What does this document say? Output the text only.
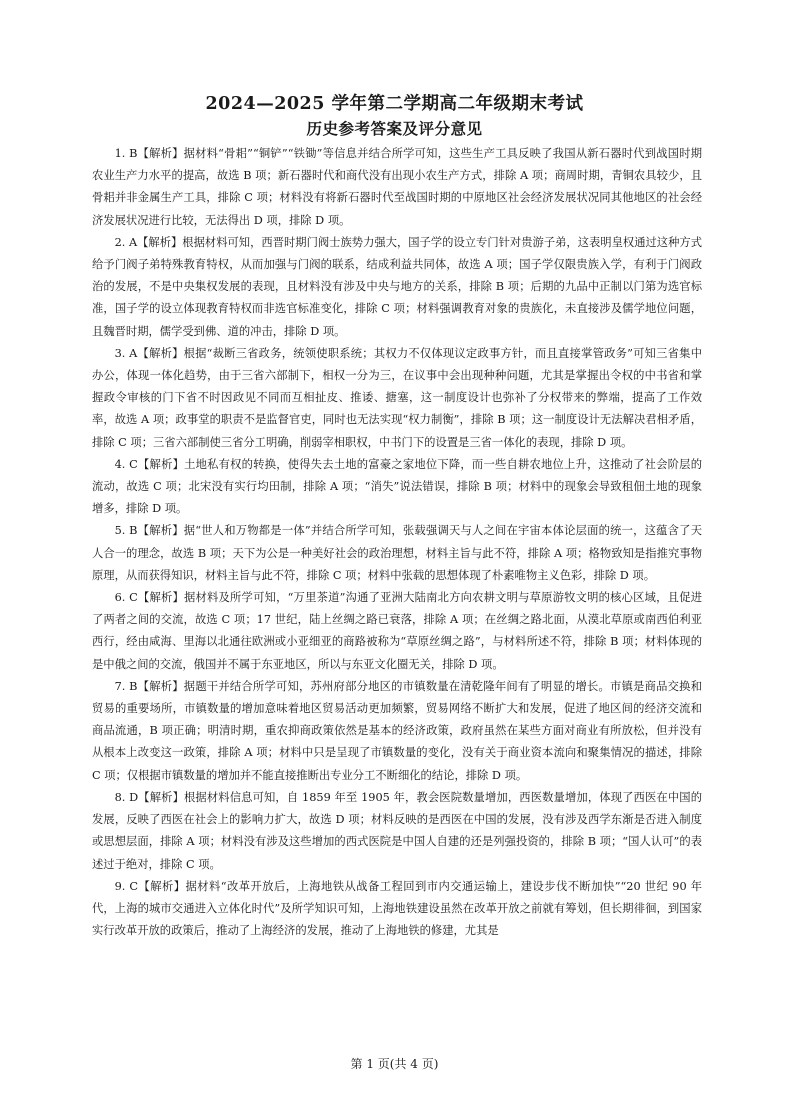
2024—2025 学年第二学期高二年级期末考试
历史参考答案及评分意见

1. B【解析】据材料“骨耜”“铜铲”“铁锄”等信息并结合所学可知，这些生产工具反映了我国从新石器时代到战国时期农业生产力水平的提高，故选 B 项；新石器时代和商代没有出现小农生产方式，排除 A 项；商周时期，青铜农具较少，且骨耜并非金属生产工具，排除 C 项；材料没有将新石器时代至战国时期的中原地区社会经济发展状况同其他地区的社会经济发展状况进行比较，无法得出 D 项，排除 D 项。

2. A【解析】根据材料可知，西晋时期门阀士族势力强大，国子学的设立专门针对贵游子弟，这表明皇权通过这种方式给予门阀子弟特殊教育特权，从而加强与门阀的联系，结成利益共同体，故选 A 项；国子学仅限贵族入学，有利于门阀政治的发展，不是中央集权发展的表现，且材料没有涉及中央与地方的关系，排除 B 项；后期的九品中正制以门第为选官标准，国子学的设立体现教育特权而非选官标准变化，排除 C 项；材料强调教育对象的贵族化，未直接涉及儒学地位问题，且魏晋时期，儒学受到佛、道的冲击，排除 D 项。

3. A【解析】根据“裁断三省政务，统领使职系统；其权力不仅体现议定政事方针，而且直接掌管政务”可知三省集中办公，体现一体化趋势，由于三省六部制下，相权一分为三，在议事中会出现种种问题，尤其是掌握出令权的中书省和掌握政令审核的门下省不时因政见不同而互相扯皮、推诿、搪塞，这一制度设计也弥补了分权带来的弊端，提高了工作效率，故选 A 项；政事堂的职责不是监督官吏，同时也无法实现“权力制衡”，排除 B 项；这一制度设计无法解决君相矛盾，排除 C 项；三省六部制使三省分工明确，削弱宰相职权，中书门下的设置是三省一体化的表现，排除 D 项。

4. C【解析】土地私有权的转换，使得失去土地的富豪之家地位下降，而一些自耕农地位上升，这推动了社会阶层的流动，故选 C 项；北宋没有实行均田制，排除 A 项；“消失”说法错误，排除 B 项；材料中的现象会导致租佃土地的现象增多，排除 D 项。

5. B【解析】据“世人和万物都是一体”并结合所学可知，张载强调天与人之间在宇宙本体论层面的统一，这蕴含了天人合一的理念，故选 B 项；天下为公是一种美好社会的政治理想，材料主旨与此不符，排除 A 项；格物致知是指推究事物原理，从而获得知识，材料主旨与此不符，排除 C 项；材料中张载的思想体现了朴素唯物主义色彩，排除 D 项。

6. C【解析】据材料及所学可知，“万里茶道”沟通了亚洲大陆南北方向农耕文明与草原游牧文明的核心区域，且促进了两者之间的交流，故选 C 项；17 世纪，陆上丝绸之路已衰落，排除 A 项；在丝绸之路北面，从漠北草原或南西伯利亚西行，经由咸海、里海以北通往欧洲或小亚细亚的商路被称为“草原丝绸之路”，与材料所述不符，排除 B 项；材料体现的是中俄之间的交流，俄国并不属于东亚地区，所以与东亚文化圈无关，排除 D 项。

7. B【解析】据题干并结合所学可知，苏州府部分地区的市镇数量在清乾隆年间有了明显的增长。市镇是商品交换和贸易的重要场所，市镇数量的增加意味着地区贸易活动更加频繁，贸易网络不断扩大和发展，促进了地区间的经济交流和商品流通，B 项正确；明清时期，重农抑商政策依然是基本的经济政策，政府虽然在某些方面对商业有所放松，但并没有从根本上改变这一政策，排除 A 项；材料中只是呈现了市镇数量的变化，没有关于商业资本流向和聚集情况的描述，排除 C 项；仅根据市镇数量的增加并不能直接推断出专业分工不断细化的结论，排除 D 项。

8. D【解析】根据材料信息可知，自 1859 年至 1905 年，教会医院数量增加，西医数量增加，体现了西医在中国的发展，反映了西医在社会上的影响力扩大，故选 D 项；材料反映的是西医在中国的发展，没有涉及西学东渐是否进入制度或思想层面，排除 A 项；材料没有涉及这些增加的西式医院是中国人自建的还是列强投资的，排除 B 项；“国人认可”的表述过于绝对，排除 C 项。

9. C【解析】据材料“改革开放后，上海地铁从战备工程回到市内交通运输上，建设步伐不断加快”“20 世纪 90 年代，上海的城市交通进入立体化时代”及所学知识可知，上海地铁建设虽然在改革开放之前就有筹划，但长期徘徊，到国家实行改革开放的政策后，推动了上海经济的发展，推动了上海地铁的修建，尤其是

第 1 页(共 4 页)
